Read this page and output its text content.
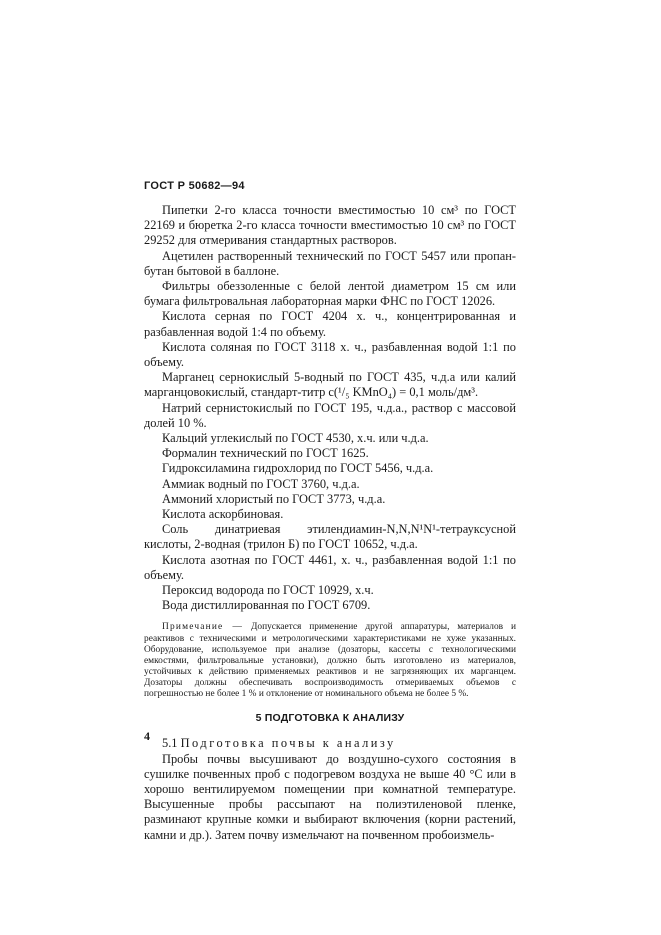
ГОСТ Р 50682—94

Пипетки 2-го класса точности вместимостью 10 см³ по ГОСТ 22169 и бюретка 2-го класса точности вместимостью 10 см³ по ГОСТ 29252 для отмеривания стандартных растворов.

Ацетилен растворенный технический по ГОСТ 5457 или пропан-бутан бытовой в баллоне.

Фильтры обеззоленные с белой лентой диаметром 15 см или бумага фильтровальная лабораторная марки ФНС по ГОСТ 12026.

Кислота серная по ГОСТ 4204 х. ч., концентрированная и разбавленная водой 1:4 по объему.

Кислота соляная по ГОСТ 3118 х. ч., разбавленная водой 1:1 по объему.

Марганец сернокислый 5-водный по ГОСТ 435, ч.д.а или калий марганцовокислый, стандарт-титр c(¹/₅ KMnO₄) = 0,1 моль/дм³.

Натрий сернистокислый по ГОСТ 195, ч.д.а., раствор с массовой долей 10 %.

Кальций углекислый по ГОСТ 4530, х.ч. или ч.д.а.

Формалин технический по ГОСТ 1625.

Гидроксиламина гидрохлорид по ГОСТ 5456, ч.д.а.

Аммиак водный по ГОСТ 3760, ч.д.а.

Аммоний хлористый по ГОСТ 3773, ч.д.а.

Кислота аскорбиновая.

Соль динатриевая этилендиамин-N,N,N¹N¹-тетрауксусной кислоты, 2-водная (трилон Б) по ГОСТ 10652, ч.д.а.

Кислота азотная по ГОСТ 4461, х. ч., разбавленная водой 1:1 по объему.

Пероксид водорода по ГОСТ 10929, х.ч.

Вода дистиллированная по ГОСТ 6709.

Примечание — Допускается применение другой аппаратуры, материалов и реактивов с техническими и метрологическими характеристиками не хуже указанных. Оборудование, используемое при анализе (дозаторы, кассеты с технологическими емкостями, фильтровальные установки), должно быть изготовлено из материалов, устойчивых к действию применяемых реактивов и не загрязняющих их марганцем. Дозаторы должны обеспечивать воспроизводимость отмериваемых объемов с погрешностью не более 1 % и отклонение от номинального объема не более 5 %.

5 ПОДГОТОВКА К АНАЛИЗУ

5.1 Подготовка почвы к анализу

Пробы почвы высушивают до воздушно-сухого состояния в сушилке почвенных проб с подогревом воздуха не выше 40 °С или в хорошо вентилируемом помещении при комнатной температуре. Высушенные пробы рассыпают на полиэтиленовой пленке, разминают крупные комки и выбирают включения (корни растений, камни и др.). Затем почву измельчают на почвенном пробоизмель-

4
